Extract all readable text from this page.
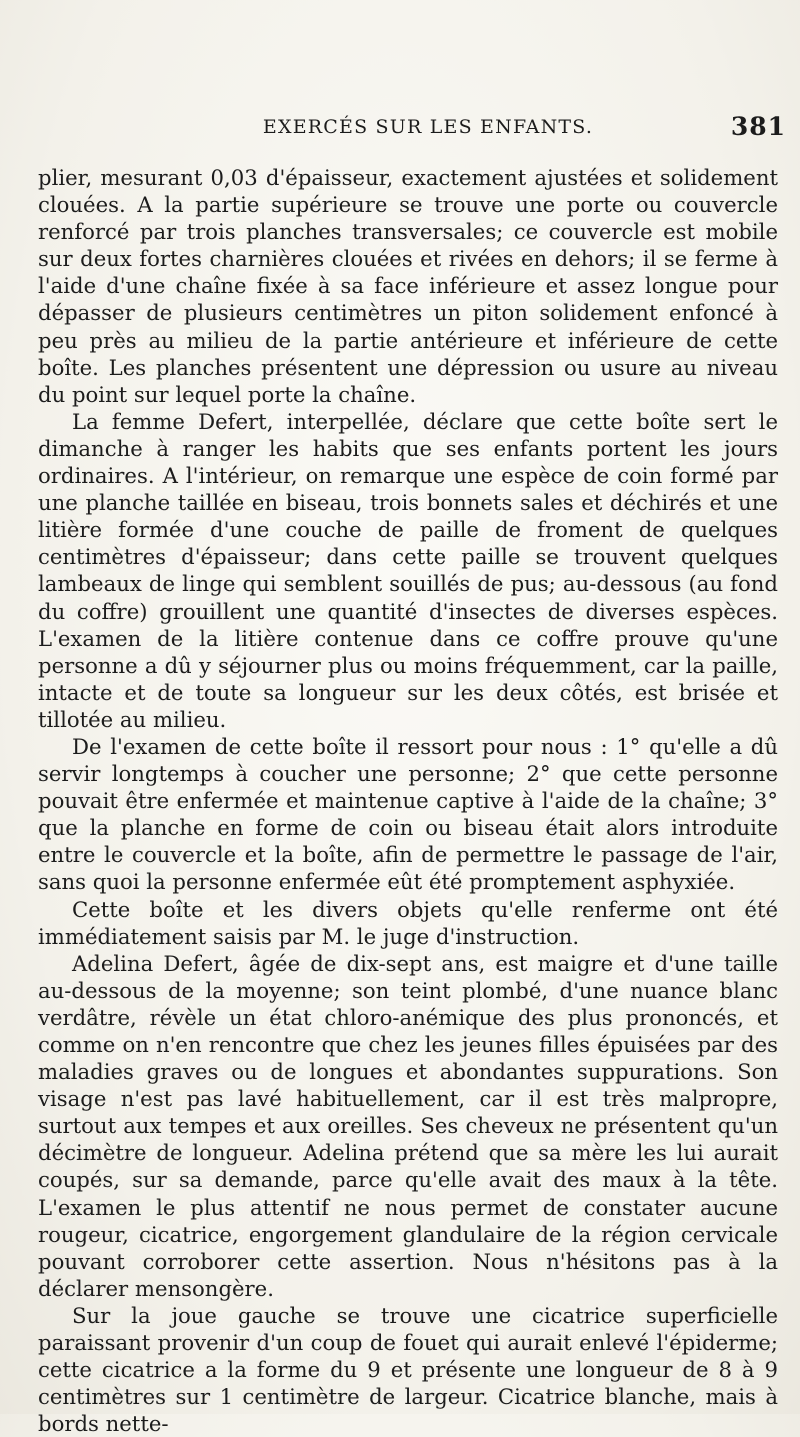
EXERCÉS SUR LES ENFANTS.	381

plier, mesurant 0,03 d'épaisseur, exactement ajustées et solidement clouées. A la partie supérieure se trouve une porte ou couvercle renforcé par trois planches transversales; ce couvercle est mobile sur deux fortes charnières clouées et rivées en dehors; il se ferme à l'aide d'une chaîne fixée à sa face inférieure et assez longue pour dépasser de plusieurs centimètres un piton solidement enfoncé à peu près au milieu de la partie antérieure et inférieure de cette boîte. Les planches présentent une dépression ou usure au niveau du point sur lequel porte la chaîne.

La femme Defert, interpellée, déclare que cette boîte sert le dimanche à ranger les habits que ses enfants portent les jours ordinaires. A l'intérieur, on remarque une espèce de coin formé par une planche taillée en biseau, trois bonnets sales et déchirés et une litière formée d'une couche de paille de froment de quelques centimètres d'épaisseur; dans cette paille se trouvent quelques lambeaux de linge qui semblent souillés de pus; au-dessous (au fond du coffre) grouillent une quantité d'insectes de diverses espèces. L'examen de la litière contenue dans ce coffre prouve qu'une personne a dû y séjourner plus ou moins fréquemment, car la paille, intacte et de toute sa longueur sur les deux côtés, est brisée et tillotée au milieu.

De l'examen de cette boîte il ressort pour nous : 1° qu'elle a dû servir longtemps à coucher une personne; 2° que cette personne pouvait être enfermée et maintenue captive à l'aide de la chaîne; 3° que la planche en forme de coin ou biseau était alors introduite entre le couvercle et la boîte, afin de permettre le passage de l'air, sans quoi la personne enfermée eût été promptement asphyxiée.

Cette boîte et les divers objets qu'elle renferme ont été immédiatement saisis par M. le juge d'instruction.

Adelina Defert, âgée de dix-sept ans, est maigre et d'une taille au-dessous de la moyenne; son teint plombé, d'une nuance blanc verdâtre, révèle un état chloro-anémique des plus prononcés, et comme on n'en rencontre que chez les jeunes filles épuisées par des maladies graves ou de longues et abondantes suppurations. Son visage n'est pas lavé habituellement, car il est très malpropre, surtout aux tempes et aux oreilles. Ses cheveux ne présentent qu'un décimètre de longueur. Adelina prétend que sa mère les lui aurait coupés, sur sa demande, parce qu'elle avait des maux à la tête. L'examen le plus attentif ne nous permet de constater aucune rougeur, cicatrice, engorgement glandulaire de la région cervicale pouvant corroborer cette assertion. Nous n'hésitons pas à la déclarer mensongère.

Sur la joue gauche se trouve une cicatrice superficielle paraissant provenir d'un coup de fouet qui aurait enlevé l'épiderme; cette cicatrice a la forme du 9 et présente une longueur de 8 à 9 centimètres sur 1 centimètre de largeur. Cicatrice blanche, mais à bords nette-
